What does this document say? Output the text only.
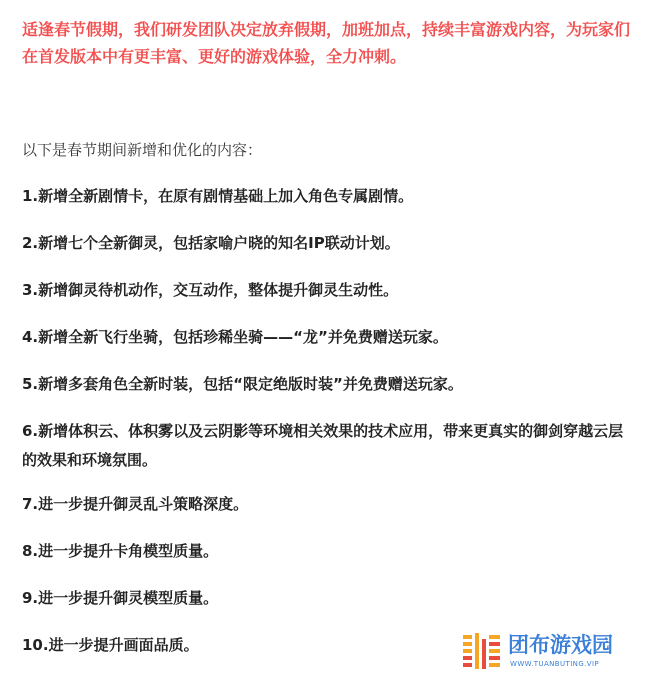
适逢春节假期，我们研发团队决定放弃假期，加班加点，持续丰富游戏内容，为玩家们在首发版本中有更丰富、更好的游戏体验，全力冲刺。
以下是春节期间新增和优化的内容：
1.新增全新剧情卡，在原有剧情基础上加入角色专属剧情。
2.新增七个全新御灵，包括家喻户晓的知名IP联动计划。
3.新增御灵待机动作，交互动作，整体提升御灵生动性。
4.新增全新飞行坐骑，包括珍稀坐骑——“龙”并免费赠送玩家。
5.新增多套角色全新时装，包括“限定绝版时装”并免费赠送玩家。
6.新增体积云、体积雾以及云阴影等环境相关效果的技术应用，带来更真实的御剑穿越云层的效果和环境氛围。
7.进一步提升御灵乱斗策略深度。
8.进一步提升卡角模型质量。
9.进一步提升御灵模型质量。
10.进一步提升画面品质。	团布游戏园
WWW.TUANBUTING.VIP
